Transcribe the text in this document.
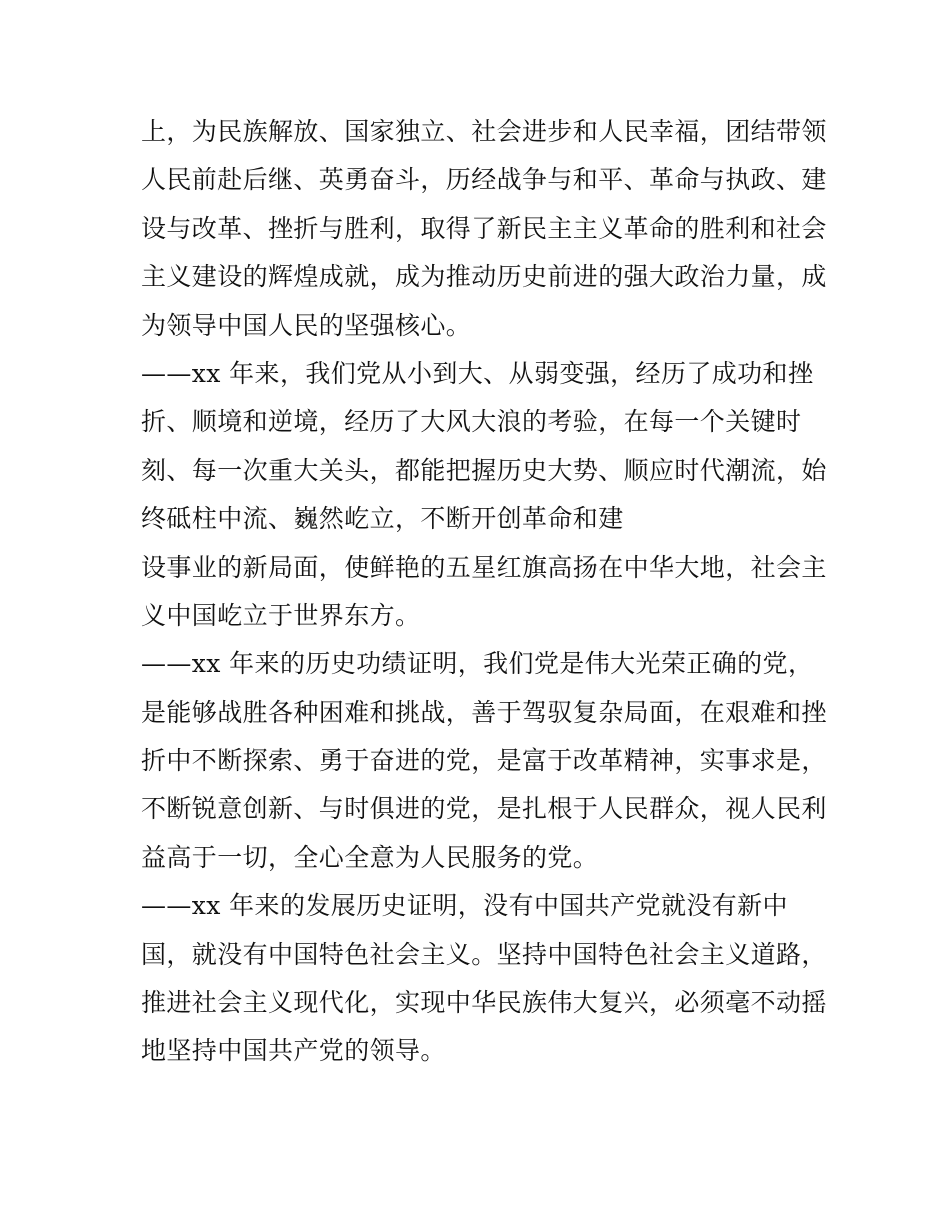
上，为民族解放、国家独立、社会进步和人民幸福，团结带领
人民前赴后继、英勇奋斗，历经战争与和平、革命与执政、建
设与改革、挫折与胜利，取得了新民主主义革命的胜利和社会
主义建设的辉煌成就，成为推动历史前进的强大政治力量，成
为领导中国人民的坚强核心。
——xx 年来，我们党从小到大、从弱变强，经历了成功和挫
折、顺境和逆境，经历了大风大浪的考验，在每一个关键时
刻、每一次重大关头，都能把握历史大势、顺应时代潮流，始
终砥柱中流、巍然屹立，不断开创革命和建
设事业的新局面，使鲜艳的五星红旗高扬在中华大地，社会主
义中国屹立于世界东方。
——xx 年来的历史功绩证明，我们党是伟大光荣正确的党，
是能够战胜各种困难和挑战，善于驾驭复杂局面，在艰难和挫
折中不断探索、勇于奋进的党，是富于改革精神，实事求是，
不断锐意创新、与时俱进的党，是扎根于人民群众，视人民利
益高于一切，全心全意为人民服务的党。
——xx 年来的发展历史证明，没有中国共产党就没有新中
国，就没有中国特色社会主义。坚持中国特色社会主义道路，
推进社会主义现代化，实现中华民族伟大复兴，必须毫不动摇
地坚持中国共产党的领导。
